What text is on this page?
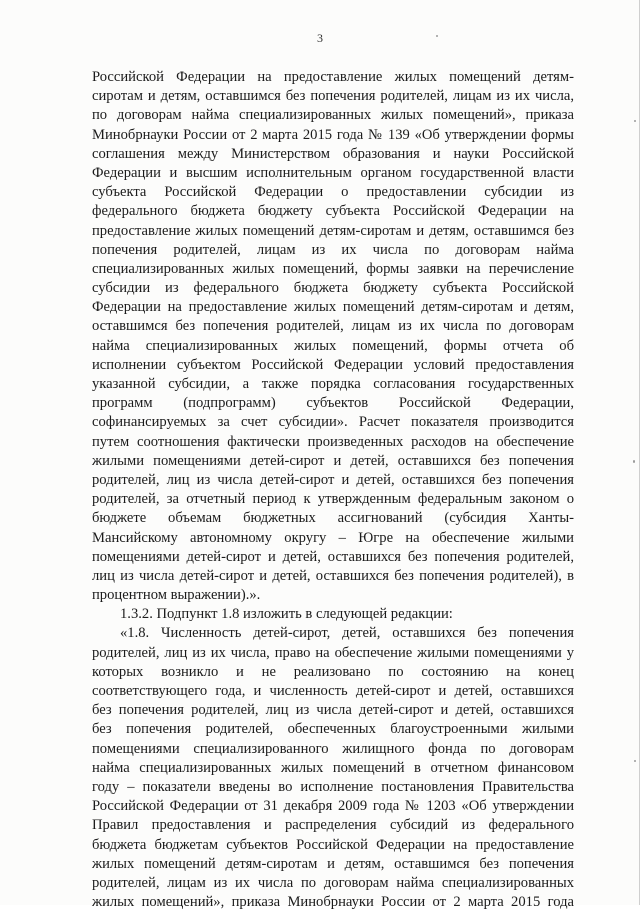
3
Российской Федерации на предоставление жилых помещений детям-
сиротам и детям, оставшимся без попечения родителей, лицам из их числа,
по договорам найма специализированных жилых помещений», приказа
Минобрнауки России от 2 марта 2015 года № 139 «Об утверждении формы
соглашения между Министерством образования и науки Российской
Федерации и высшим исполнительным органом государственной власти
субъекта Российской Федерации о предоставлении субсидии из
федерального бюджета бюджету субъекта Российской Федерации на
предоставление жилых помещений детям-сиротам и детям, оставшимся без
попечения родителей, лицам из их числа по договорам найма
специализированных жилых помещений, формы заявки на перечисление
субсидии из федерального бюджета бюджету субъекта Российской
Федерации на предоставление жилых помещений детям-сиротам и детям,
оставшимся без попечения родителей, лицам из их числа по договорам
найма специализированных жилых помещений, формы отчета об
исполнении субъектом Российской Федерации условий предоставления
указанной субсидии, а также порядка согласования государственных
программ (подпрограмм) субъектов Российской Федерации,
софинансируемых за счет субсидии». Расчет показателя производится
путем соотношения фактически произведенных расходов на обеспечение
жилыми помещениями детей-сирот и детей, оставшихся без попечения
родителей, лиц из числа детей-сирот и детей, оставшихся без попечения
родителей, за отчетный период к утвержденным федеральным законом о
бюджете объемам бюджетных ассигнований (субсидия Ханты-
Мансийскому автономному округу – Югре на обеспечение жилыми
помещениями детей-сирот и детей, оставшихся без попечения родителей,
лиц из числа детей-сирот и детей, оставшихся без попечения родителей), в
процентном выражении).».
1.3.2. Подпункт 1.8 изложить в следующей редакции:
«1.8. Численность детей-сирот, детей, оставшихся без попечения
родителей, лиц из их числа, право на обеспечение жилыми помещениями у
которых возникло и не реализовано по состоянию на конец
соответствующего года, и численность детей-сирот и детей, оставшихся
без попечения родителей, лиц из числа детей-сирот и детей, оставшихся
без попечения родителей, обеспеченных благоустроенными жилыми
помещениями специализированного жилищного фонда по договорам
найма специализированных жилых помещений в отчетном финансовом
году – показатели введены во исполнение постановления Правительства
Российской Федерации от 31 декабря 2009 года № 1203 «Об утверждении
Правил предоставления и распределения субсидий из федерального
бюджета бюджетам субъектов Российской Федерации на предоставление
жилых помещений детям-сиротам и детям, оставшимся без попечения
родителей, лицам из их числа по договорам найма специализированных
жилых помещений», приказа Минобрнауки России от 2 марта 2015 года
